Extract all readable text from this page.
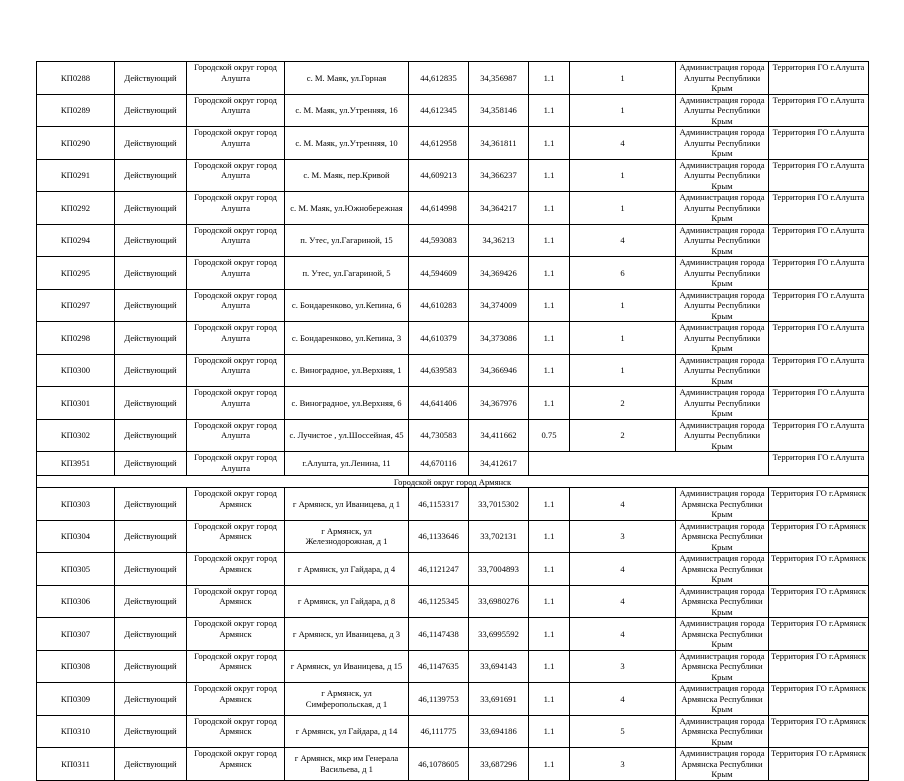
КП0288	Действующий	Городской округ город Алушта	с. М. Маяк, ул.Горная	44,612835	34,356987	1.1	1	Администрация города Алушты Республики Крым	Территория ГО г.Алушта
КП0289	Действующий	Городской округ город Алушта	с. М. Маяк, ул.Утренняя, 16	44,612345	34,358146	1.1	1	Администрация города Алушты Республики Крым	Территория ГО г.Алушта
КП0290	Действующий	Городской округ город Алушта	с. М. Маяк, ул.Утренняя, 10	44,612958	34,361811	1.1	4	Администрация города Алушты Республики Крым	Территория ГО г.Алушта
КП0291	Действующий	Городской округ город Алушта	с. М. Маяк, пер.Кривой	44,609213	34,366237	1.1	1	Администрация города Алушты Республики Крым	Территория ГО г.Алушта
КП0292	Действующий	Городской округ город Алушта	с. М. Маяк, ул.Южнобережная	44,614998	34,364217	1.1	1	Администрация города Алушты Республики Крым	Территория ГО г.Алушта
КП0294	Действующий	Городской округ город Алушта	п. Утес, ул.Гагариной, 15	44,593083	34,36213	1.1	4	Администрация города Алушты Республики Крым	Территория ГО г.Алушта
КП0295	Действующий	Городской округ город Алушта	п. Утес, ул.Гагариной, 5	44,594609	34,369426	1.1	6	Администрация города Алушты Республики Крым	Территория ГО г.Алушта
КП0297	Действующий	Городской округ город Алушта	с. Бондаренково, ул.Кепина, 6	44,610283	34,374009	1.1	1	Администрация города Алушты Республики Крым	Территория ГО г.Алушта
КП0298	Действующий	Городской округ город Алушта	с. Бондаренково, ул.Кепина, 3	44,610379	34,373086	1.1	1	Администрация города Алушты Республики Крым	Территория ГО г.Алушта
КП0300	Действующий	Городской округ город Алушта	с. Виноградное, ул.Верхняя, 1	44,639583	34,366946	1.1	1	Администрация города Алушты Республики Крым	Территория ГО г.Алушта
КП0301	Действующий	Городской округ город Алушта	с. Виноградное, ул.Верхняя, 6	44,641406	34,367976	1.1	2	Администрация города Алушты Республики Крым	Территория ГО г.Алушта
КП0302	Действующий	Городской округ город Алушта	с. Лучистое , ул.Шоссейная, 45	44,730583	34,411662	0.75	2	Администрация города Алушты Республики Крым	Территория ГО г.Алушта
КП3951	Действующий	Городской округ город Алушта	г.Алушта, ул.Ленина, 11	44,670116	34,412617				Территория ГО г.Алушта
Городской округ город Армянск									
КП0303	Действующий	Городской округ город Армянск	г Армянск, ул Иваницева, д 1	46,1153317	33,7015302	1.1	4	Администрация города Армянска Республики Крым	Территория ГО г.Армянск
КП0304	Действующий	Городской округ город Армянск	г Армянск, ул Железнодорожная, д 1	46,1133646	33,702131	1.1	3	Администрация города Армянска Республики Крым	Территория ГО г.Армянск
КП0305	Действующий	Городской округ город Армянск	г Армянск, ул Гайдара, д 4	46,1121247	33,7004893	1.1	4	Администрация города Армянска Республики Крым	Территория ГО г.Армянск
КП0306	Действующий	Городской округ город Армянск	г Армянск, ул Гайдара, д 8	46,1125345	33,6980276	1.1	4	Администрация города Армянска Республики Крым	Территория ГО г.Армянск
КП0307	Действующий	Городской округ город Армянск	г Армянск, ул Иваницева, д 3	46,1147438	33,6995592	1.1	4	Администрация города Армянска Республики Крым	Территория ГО г.Армянск
КП0308	Действующий	Городской округ город Армянск	г Армянск, ул Иваницева, д 15	46,1147635	33,694143	1.1	3	Администрация города Армянска Республики Крым	Территория ГО г.Армянск
КП0309	Действующий	Городской округ город Армянск	г Армянск, ул Симферопольская, д 1	46,1139753	33,691691	1.1	4	Администрация города Армянска Республики Крым	Территория ГО г.Армянск
КП0310	Действующий	Городской округ город Армянск	г Армянск, ул Гайдара, д 14	46,111775	33,694186	1.1	5	Администрация города Армянска Республики Крым	Территория ГО г.Армянск
КП0311	Действующий	Городской округ город Армянск	г Армянск, мкр им Генерала Васильева, д 1	46,1078605	33,687296	1.1	3	Администрация города Армянска Республики Крым	Территория ГО г.Армянск
